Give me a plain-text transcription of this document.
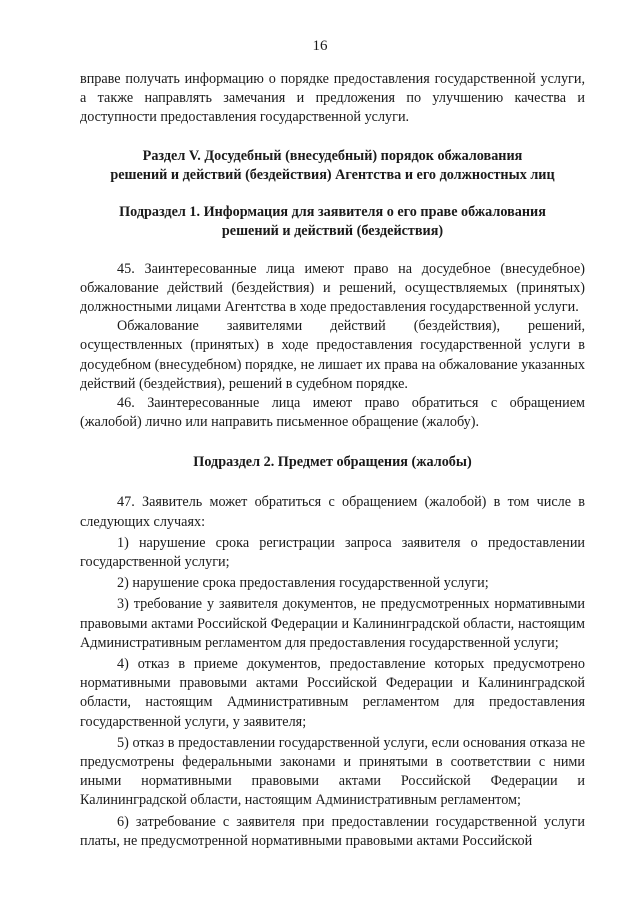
16

вправе получать информацию о порядке предоставления государственной услуги, а также направлять замечания и предложения по улучшению качества и доступности предоставления государственной услуги.

Раздел V. Досудебный (внесудебный) порядок обжалования
решений и действий (бездействия) Агентства и его должностных лиц
Подраздел 1. Информация для заявителя о его праве обжалования
решений и действий (бездействия)

45. Заинтересованные лица имеют право на досудебное (внесудебное) обжалование действий (бездействия) и решений, осуществляемых (принятых) должностными лицами Агентства в ходе предоставления государственной услуги.

Обжалование заявителями действий (бездействия), решений, осуществленных (принятых) в ходе предоставления государственной услуги в досудебном (внесудебном) порядке, не лишает их права на обжалование указанных действий (бездействия), решений в судебном порядке.

46. Заинтересованные лица имеют право обратиться с обращением (жалобой) лично или направить письменное обращение (жалобу).

Подраздел 2. Предмет обращения (жалобы)

47. Заявитель может обратиться с обращением (жалобой) в том числе в следующих случаях:

1) нарушение срока регистрации запроса заявителя о предоставлении государственной услуги;

2) нарушение срока предоставления государственной услуги;

3) требование у заявителя документов, не предусмотренных нормативными правовыми актами Российской Федерации и Калининградской области, настоящим Административным регламентом для предоставления государственной услуги;

4) отказ в приеме документов, предоставление которых предусмотрено нормативными правовыми актами Российской Федерации и Калининградской области, настоящим Административным регламентом для предоставления государственной услуги, у заявителя;

5) отказ в предоставлении государственной услуги, если основания отказа не предусмотрены федеральными законами и принятыми в соответствии с ними иными нормативными правовыми актами Российской Федерации и Калининградской области, настоящим Административным регламентом;

6) затребование с заявителя при предоставлении государственной услуги платы, не предусмотренной нормативными правовыми актами Российской
